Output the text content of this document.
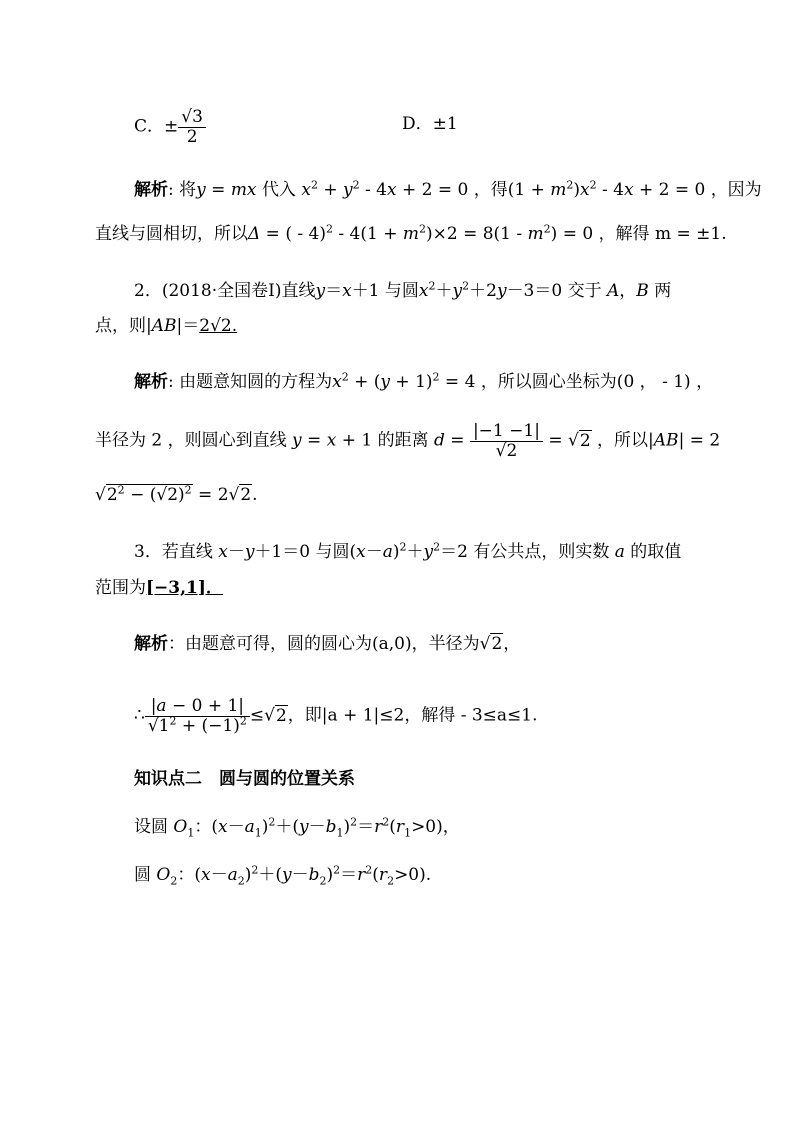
C．± $\frac{√3}{2}$	D．±1
解析: 将y = mx 代入 $x^2 + y^2 - 4x + 2 = 0$ ，得$(1 + m^2)x^2 - 4x + 2 = 0$ ，因为
直线与圆相切，所以Δ = ( - $4)^2 - 4(1 + m^2)\times 2 = 8(1 - m^2) = 0$ ，解得 m = ±1.
2．(2018·全国卷Ⅰ)直线y＝x＋1 与圆$x^2+y^2+2y-3=0$ 交于 A，B 两
点，则|AB|＝2√2.
解析: 由题意知圆的方程为$x^2 + (y + 1)^2 = 4$ ，所以圆心坐标为(0 ， - 1) ，
半径为 2 ，则圆心到直线 y = x + 1 的距离 $d = \frac{|-1 -1|}{√2} = √2$ ，所以|AB| = 2
$√2^2 - (√2)^2 = 2√2$.
3．若直线 x－y＋1＝0 与圆$(x-a)^2+y^2=2$ 有公共点，则实数 a 的取值
范围为[−3,1]．
解析：由题意可得，圆的圆心为(a,0)，半径为√2，
∴ $\frac{|a - 0 + 1|}{√1^2 + (-1)^2} \le√2$，即|a + 1|≤2，解得 - 3≤a≤1.
知识点二　圆与圆的位置关系
设圆 $O_1$：$(x-a_1)^2+(y-b_1)^2=r^2(r_1>0)$，
圆 $O_2$：$(x-a_2)^2+(y-b_2)^2=r^2(r_2>0)$.
